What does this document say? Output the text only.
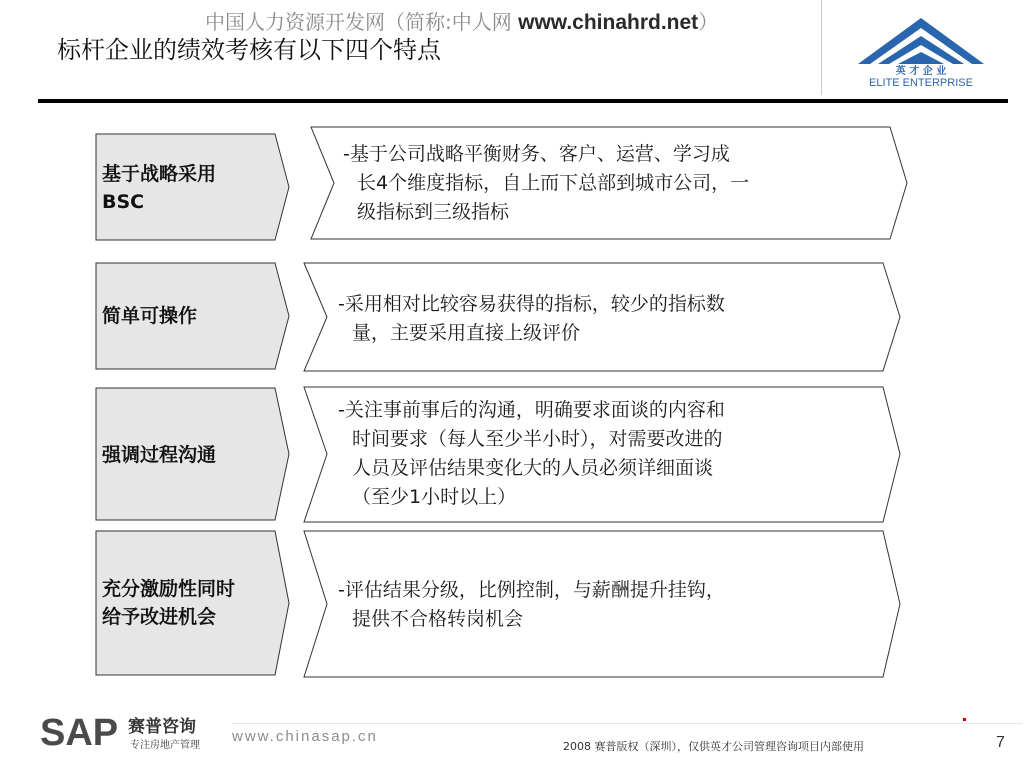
中国人力资源开发网（简称:中人网 www.chinahrd.net）
标杆企业的绩效考核有以下四个特点
英 才 企 业
ELITE ENTERPRISE
基于战略采用
BSC
-基于公司战略平衡财务、客户、运营、学习成
长4个维度指标，自上而下总部到城市公司，一
级指标到三级指标
简单可操作
-采用相对比较容易获得的指标，较少的指标数
量，主要采用直接上级评价
强调过程沟通
-关注事前事后的沟通，明确要求面谈的内容和
时间要求（每人至少半小时），对需要改进的
人员及评估结果变化大的人员必须详细面谈
（至少1小时以上）
充分激励性同时
给予改进机会
-评估结果分级，比例控制，与薪酬提升挂钩，
提供不合格转岗机会
SAP 赛普咨询
专注房地产管理
www.chinasap.cn
2008 赛普版权（深圳），仅供英才公司管理咨询项目内部使用	7
